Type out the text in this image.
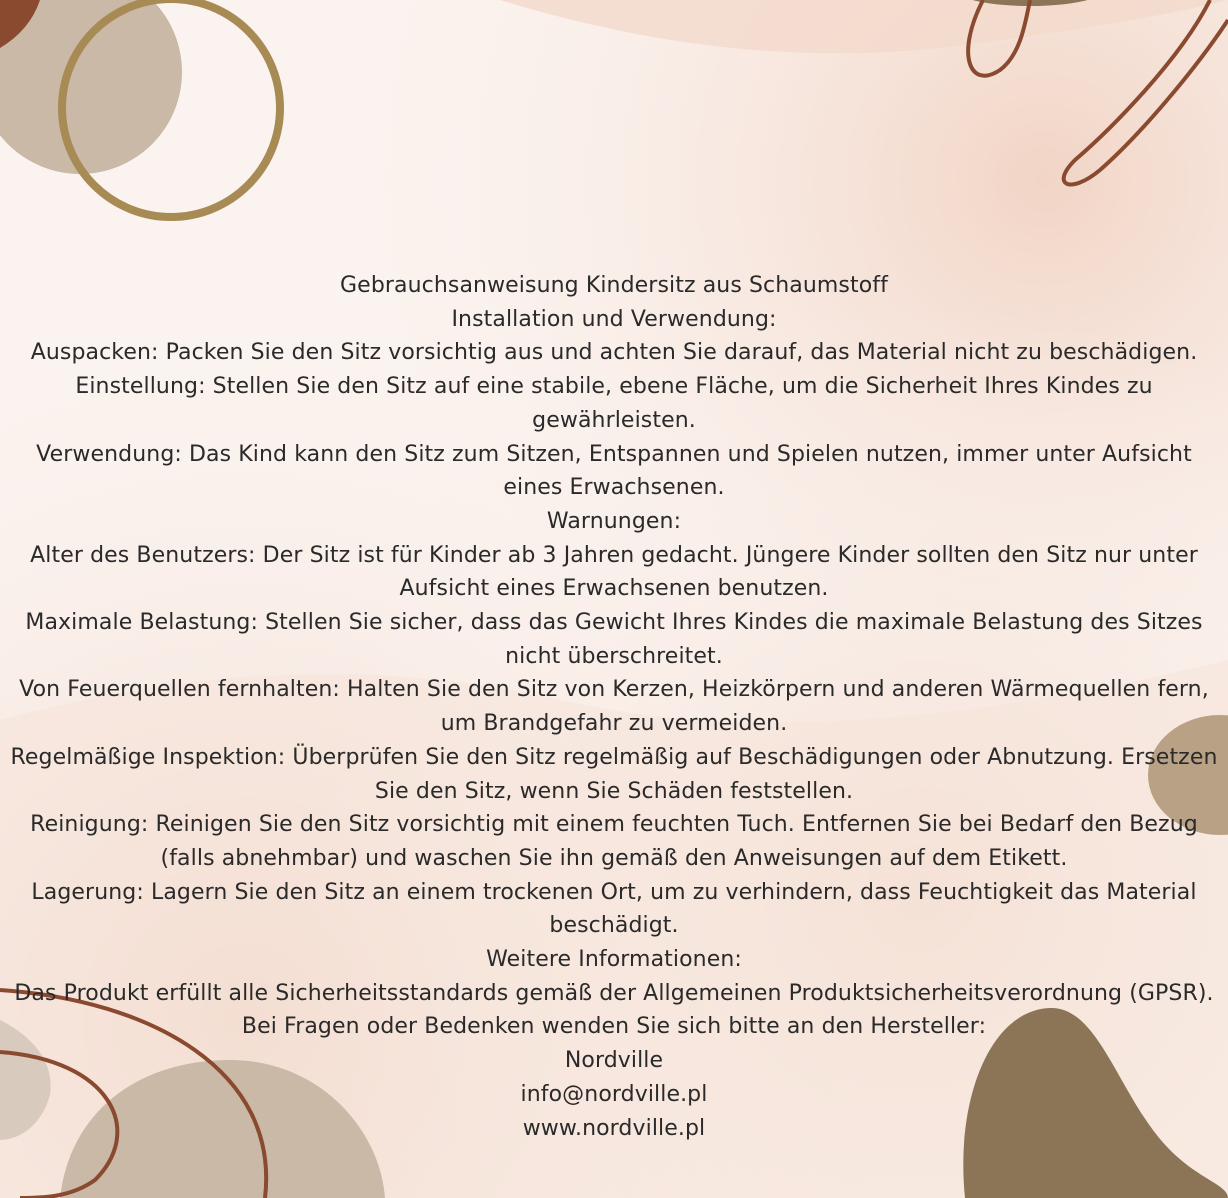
Gebrauchsanweisung Kindersitz aus Schaumstoff
Installation und Verwendung:
Auspacken: Packen Sie den Sitz vorsichtig aus und achten Sie darauf, das Material nicht zu beschädigen.
Einstellung: Stellen Sie den Sitz auf eine stabile, ebene Fläche, um die Sicherheit Ihres Kindes zu
gewährleisten.
Verwendung: Das Kind kann den Sitz zum Sitzen, Entspannen und Spielen nutzen, immer unter Aufsicht
eines Erwachsenen.
Warnungen:
Alter des Benutzers: Der Sitz ist für Kinder ab 3 Jahren gedacht. Jüngere Kinder sollten den Sitz nur unter
Aufsicht eines Erwachsenen benutzen.
Maximale Belastung: Stellen Sie sicher, dass das Gewicht Ihres Kindes die maximale Belastung des Sitzes
nicht überschreitet.
Von Feuerquellen fernhalten: Halten Sie den Sitz von Kerzen, Heizkörpern und anderen Wärmequellen fern,
um Brandgefahr zu vermeiden.
Regelmäßige Inspektion: Überprüfen Sie den Sitz regelmäßig auf Beschädigungen oder Abnutzung. Ersetzen
Sie den Sitz, wenn Sie Schäden feststellen.
Reinigung: Reinigen Sie den Sitz vorsichtig mit einem feuchten Tuch. Entfernen Sie bei Bedarf den Bezug
(falls abnehmbar) und waschen Sie ihn gemäß den Anweisungen auf dem Etikett.
Lagerung: Lagern Sie den Sitz an einem trockenen Ort, um zu verhindern, dass Feuchtigkeit das Material
beschädigt.
Weitere Informationen:
Das Produkt erfüllt alle Sicherheitsstandards gemäß der Allgemeinen Produktsicherheitsverordnung (GPSR).
Bei Fragen oder Bedenken wenden Sie sich bitte an den Hersteller:
Nordville
info@nordville.pl
www.nordville.pl
